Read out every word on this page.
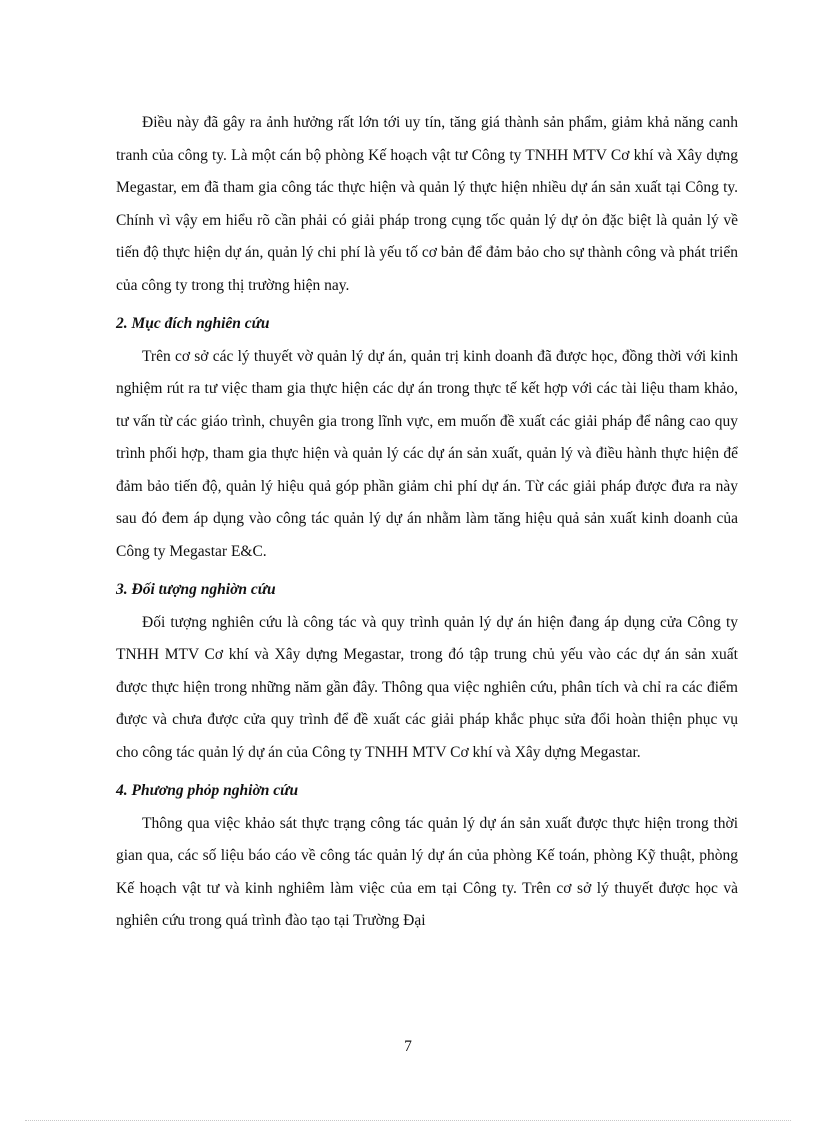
Điều này đã gây ra ảnh hưởng rất lớn tới uy tín, tăng giá thành sản phẩm, giảm khả năng canh tranh của công ty. Là một cán bộ phòng Kế hoạch vật tư Công ty TNHH MTV Cơ khí và Xây dựng Megastar, em đã tham gia công tác thực hiện và quản lý thực hiện nhiều dự án sản xuất tại Công ty. Chính vì vậy em hiểu rõ cần phải có giải pháp trong cụng tốc quản lý dự ỏn đặc biệt là quản lý về tiến độ thực hiện dự án, quản lý chi phí là yếu tố cơ bản để đảm bảo cho sự thành công và phát triển của công ty trong thị trường hiện nay.

2. Mục đích nghiên cứu

Trên cơ sở các lý thuyết vờ quản lý dự án, quản trị kinh doanh đã được học, đồng thời với kinh nghiệm rút ra tư việc tham gia thực hiện các dự án trong thực tế kết hợp với các tài liệu tham khảo, tư vấn từ các giáo trình, chuyên gia trong lĩnh vực, em muốn đề xuất các giải pháp để nâng cao quy trình phối hợp, tham gia thực hiện và quản lý các dự án sản xuất, quản lý và điều hành thực hiện để đảm bảo tiến độ, quản lý hiệu quả góp phần giảm chi phí dự án. Từ các giải pháp được đưa ra này sau đó đem áp dụng vào công tác quản lý dự án nhằm làm tăng hiệu quả sản xuất kinh doanh của Công ty Megastar E&C.

3. Đối tượng nghiờn cứu

Đối tượng nghiên cứu là công tác và quy trình quản lý dự án hiện đang áp dụng cửa Công ty TNHH MTV Cơ khí và Xây dựng Megastar, trong đó tập trung chủ yếu vào các dự án sản xuất được thực hiện trong những năm gần đây. Thông qua việc nghiên cứu, phân tích và chỉ ra các điểm được và chưa được cửa quy trình để đề xuất các giải pháp khắc phục sửa đổi hoàn thiện phục vụ cho công tác quản lý dự án của Công ty TNHH MTV Cơ khí và Xây dựng Megastar.

4. Phương phỏp nghiờn cứu

Thông qua việc khảo sát thực trạng công tác quản lý dự án sản xuất được thực hiện trong thời gian qua, các số liệu báo cáo về công tác quản lý dự án của phòng Kế toán, phòng Kỹ thuật, phòng Kế hoạch vật tư và kinh nghiêm làm việc của em tại Công ty. Trên cơ sở lý thuyết được học và nghiên cứu trong quá trình đào tạo tại Trường Đại

7
